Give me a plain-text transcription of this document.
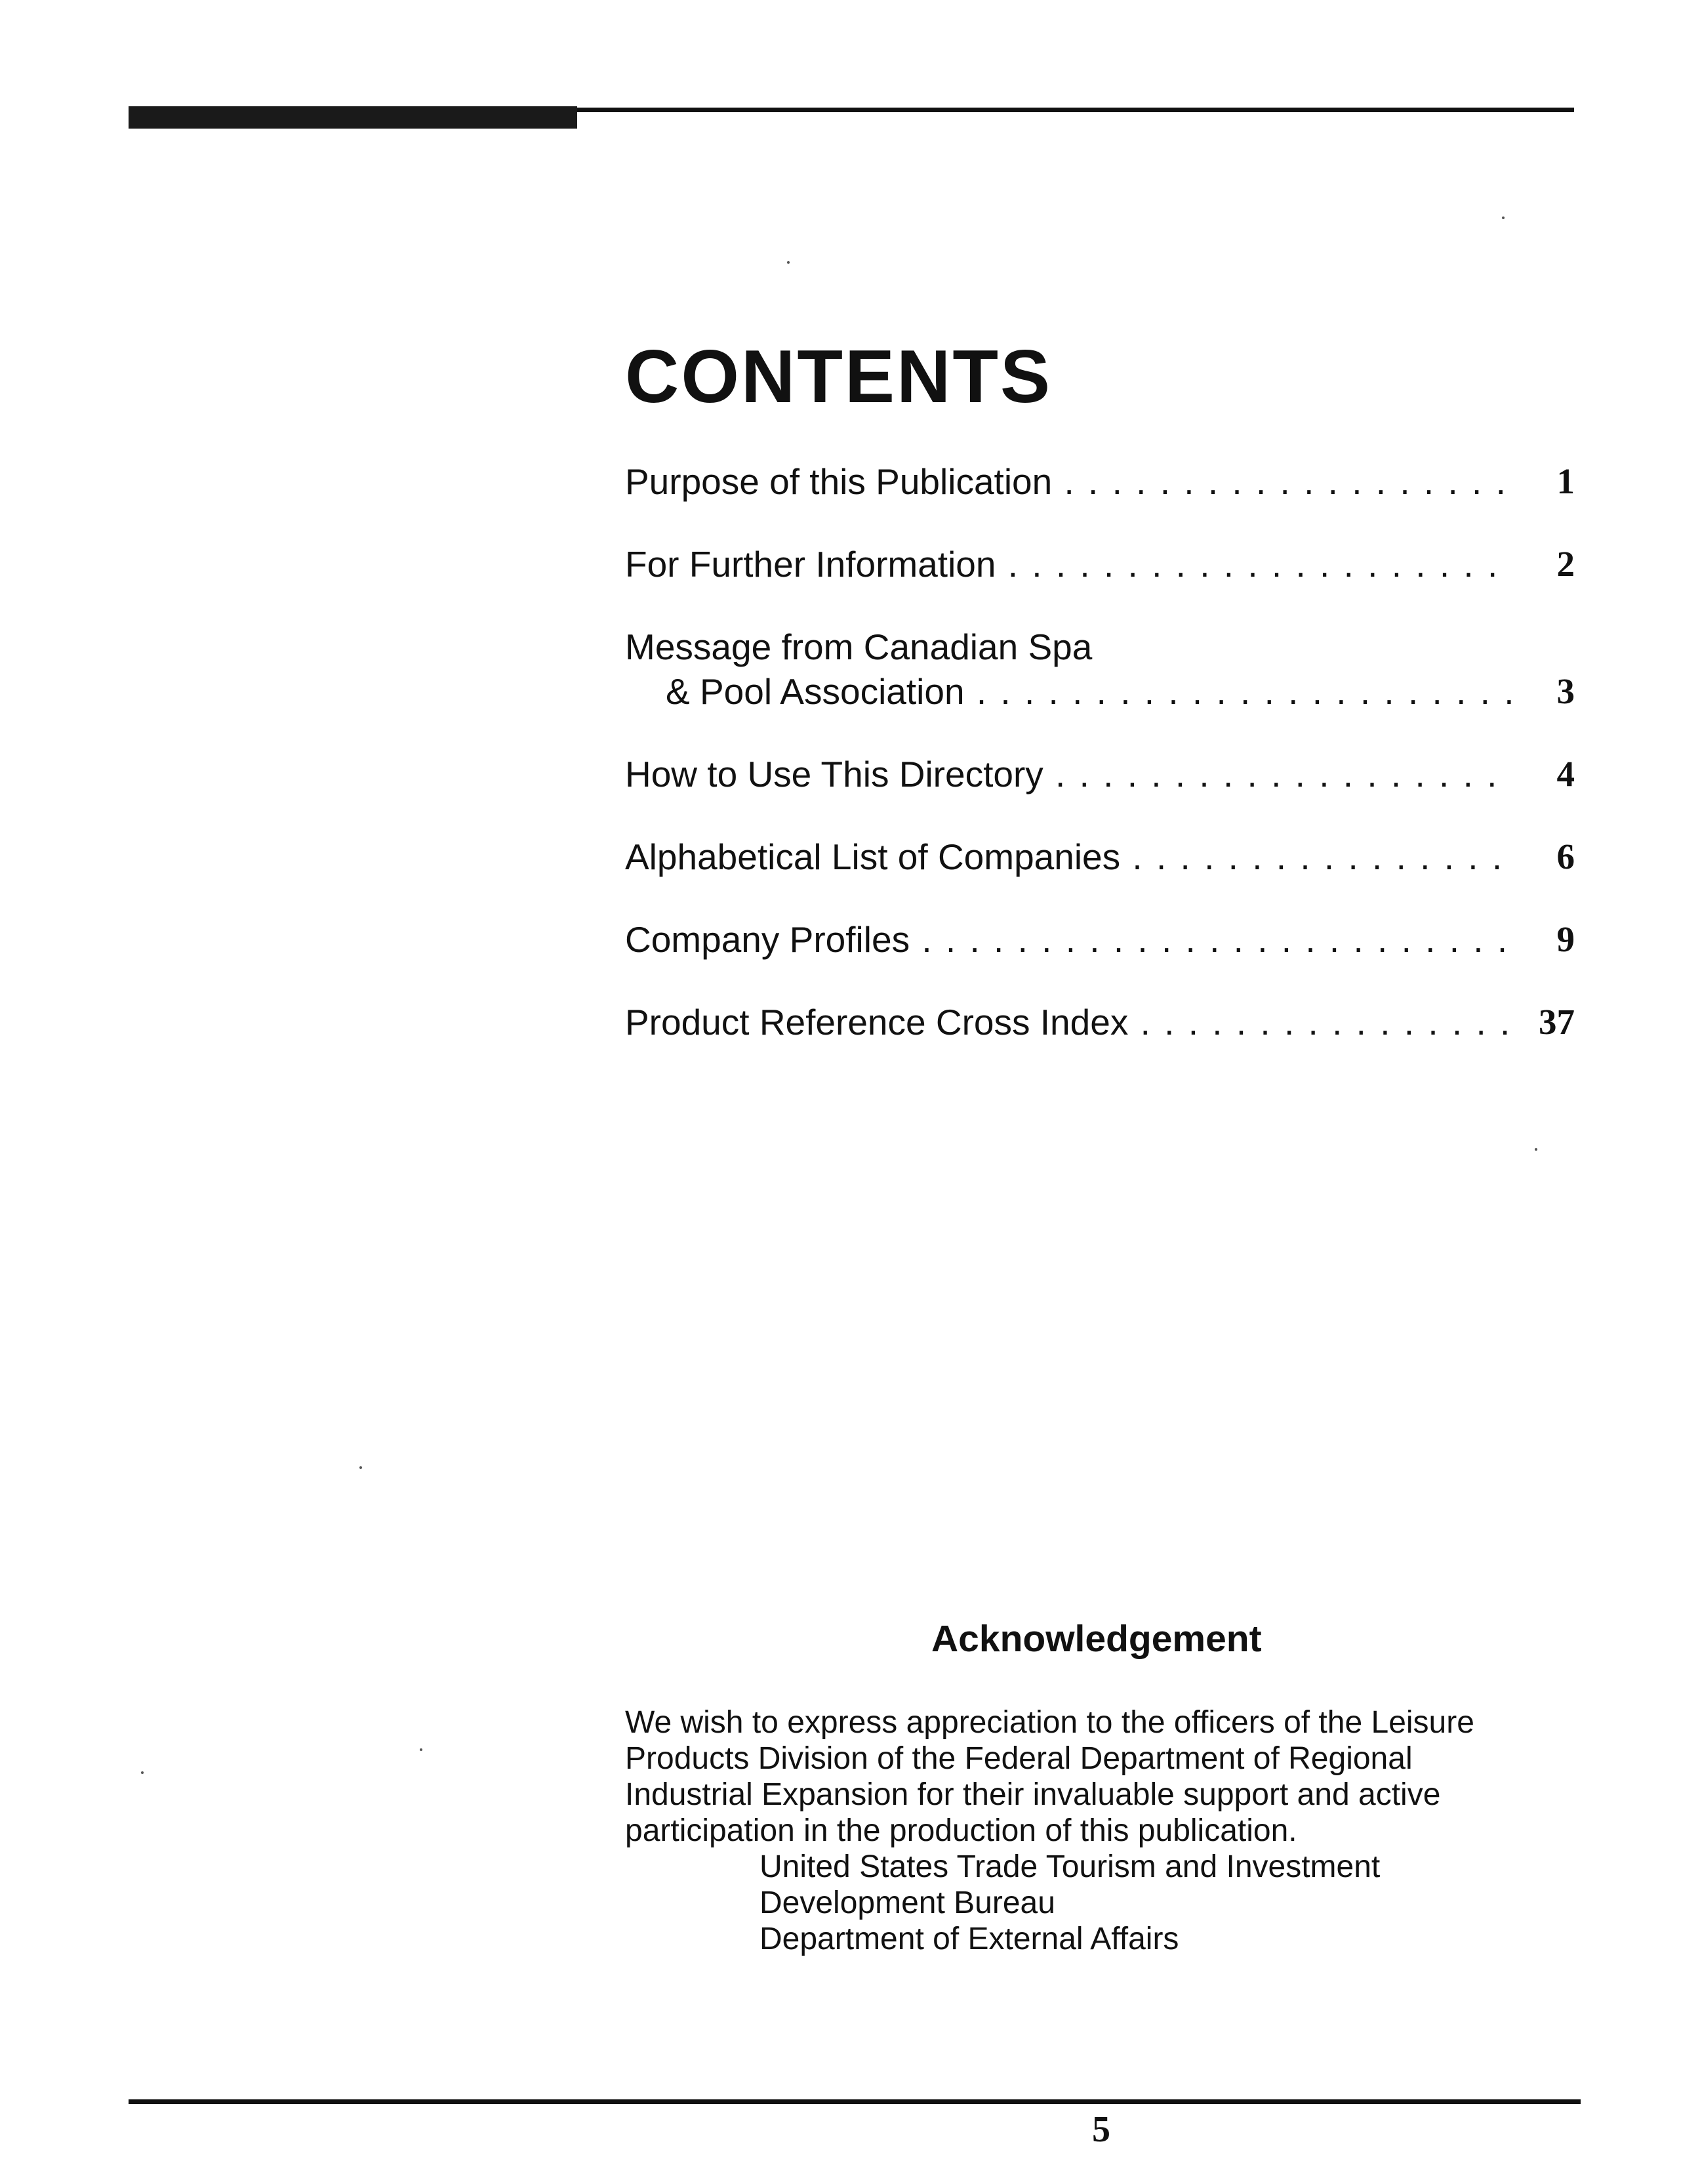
CONTENTS
Purpose of this Publication . . .	1
For Further Information . . .	2
Message from Canadian Spa
& Pool Association . . .	3
How to Use This Directory . . .	4
Alphabetical List of Companies . . .	6
Company Profiles . . .	9
Product Reference Cross Index . . .	37
Acknowledgement
We wish to express appreciation to the officers of the Leisure
Products Division of the Federal Department of Regional
Industrial Expansion for their invaluable support and active
participation in the production of this publication.
United States Trade Tourism and Investment
Development Bureau
Department of External Affairs
5
